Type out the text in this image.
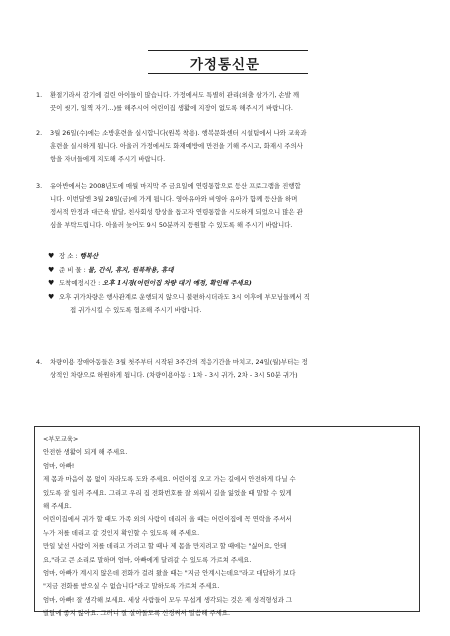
가정통신문
1. 환절기라서 감기에 걸린 아이들이 많습니다. 가정에서도 특별히 관리(외출 삼가기, 손발 깨
끗이 씻기, 일찍 자기...)를 해주시어 어린이집 생활에 지장이 없도록 해주시기 바랍니다.
2. 3월 26일(수)에는 소방훈련을 실시합니다(원복 착용). 행복문화센터 시설팀에서 나와 교육과
훈련을 실시하게 됩니다. 아울러 가정에서도 화재예방에 만전을 기해 주시고, 화재시 주의사
항을 자녀들에게 지도해 주시기 바랍니다.
3. 유아반에서는 2008년도에 매월 마지막 주 금요일에 연령통합으로 등산 프로그램을 진행합
니다. 이번달엔 3월 28일(금)에 가게 됩니다. 영아유아와 비영아 유아가 함께 등산을 하며
정서적 안정과 대근육 발달, 친사회성 향상을 돕고자 연령통합을 시도하게 되었으니 많은 관
심을 부탁드립니다. 아울러 늦어도 9시 50분까지 등원할 수 있도록 해 주시기 바랍니다.
♥ 장 소 : 행복산
♥ 준 비 물 : 물, 간식, 휴지, 원복착용, 휴대
♥ 도착예정시간 : 오후 1시경(어린이집 차량 대기 예정, 확인해 주세요)
♥ 오후 귀가차량은 행사관계로 운행되지 않으니 불편하시더라도 3시 이후에 부모님들께서 직
접 귀가시킬 수 있도록 협조해 주시기 바랍니다.
4. 차량이용 장애아동들은 3월 첫주부터 시작된 3주간의 적응기간을 마치고, 24일(월)부터는 정
상적인 차량으로 하원하게 됩니다. (차량이용아동 : 1차 - 3시 귀가, 2차 - 3시 50분 귀가)
<부모교육>
안전한 생활이 되게 해 주세요.
엄마, 아빠!
제 몸과 마음이 몸 없이 자라도록 도와 주세요. 어린이집 오고 가는 길에서 안전하게 다닐 수
있도록 잘 일러 주세요. 그리고 우리 집 전화번호를 잘 외워서 길을 잃었을 때 말할 수 있게
해 주세요.
어린이집에서 귀가 할 때도 가족 외의 사람이 데리러 올 때는 어린이집에 꼭 연락을 주셔서
누가 저를 데리고 갈 것인지 확인할 수 있도록 해 주세요.
만일 낯선 사람이 저를 데리고 가려고 할 때나 제 몸을 만지려고 할 때에는 "싫어요, 안돼
요,"라고 큰 소리로 말하며 엄마, 아빠에게 달려갈 수 있도록 가르쳐 주세요.
엄마, 아빠가 계시지 않은데 전화가 걸려 왔을 때는 "지금 안계시는데요"라고 대답하기 보다
"지금 전화를 받으실 수 없습니다"라고 말하도록 가르쳐 주세요.
엄마, 아빠! 잘 생각해 보세요. 세상 사람들이 모두 무섭게 생각되는 것은 제 성격형성과 그
발달에 좋지 않아요. 그러니 잘 살아돌도록 신경써서 말씀해 주세요.
